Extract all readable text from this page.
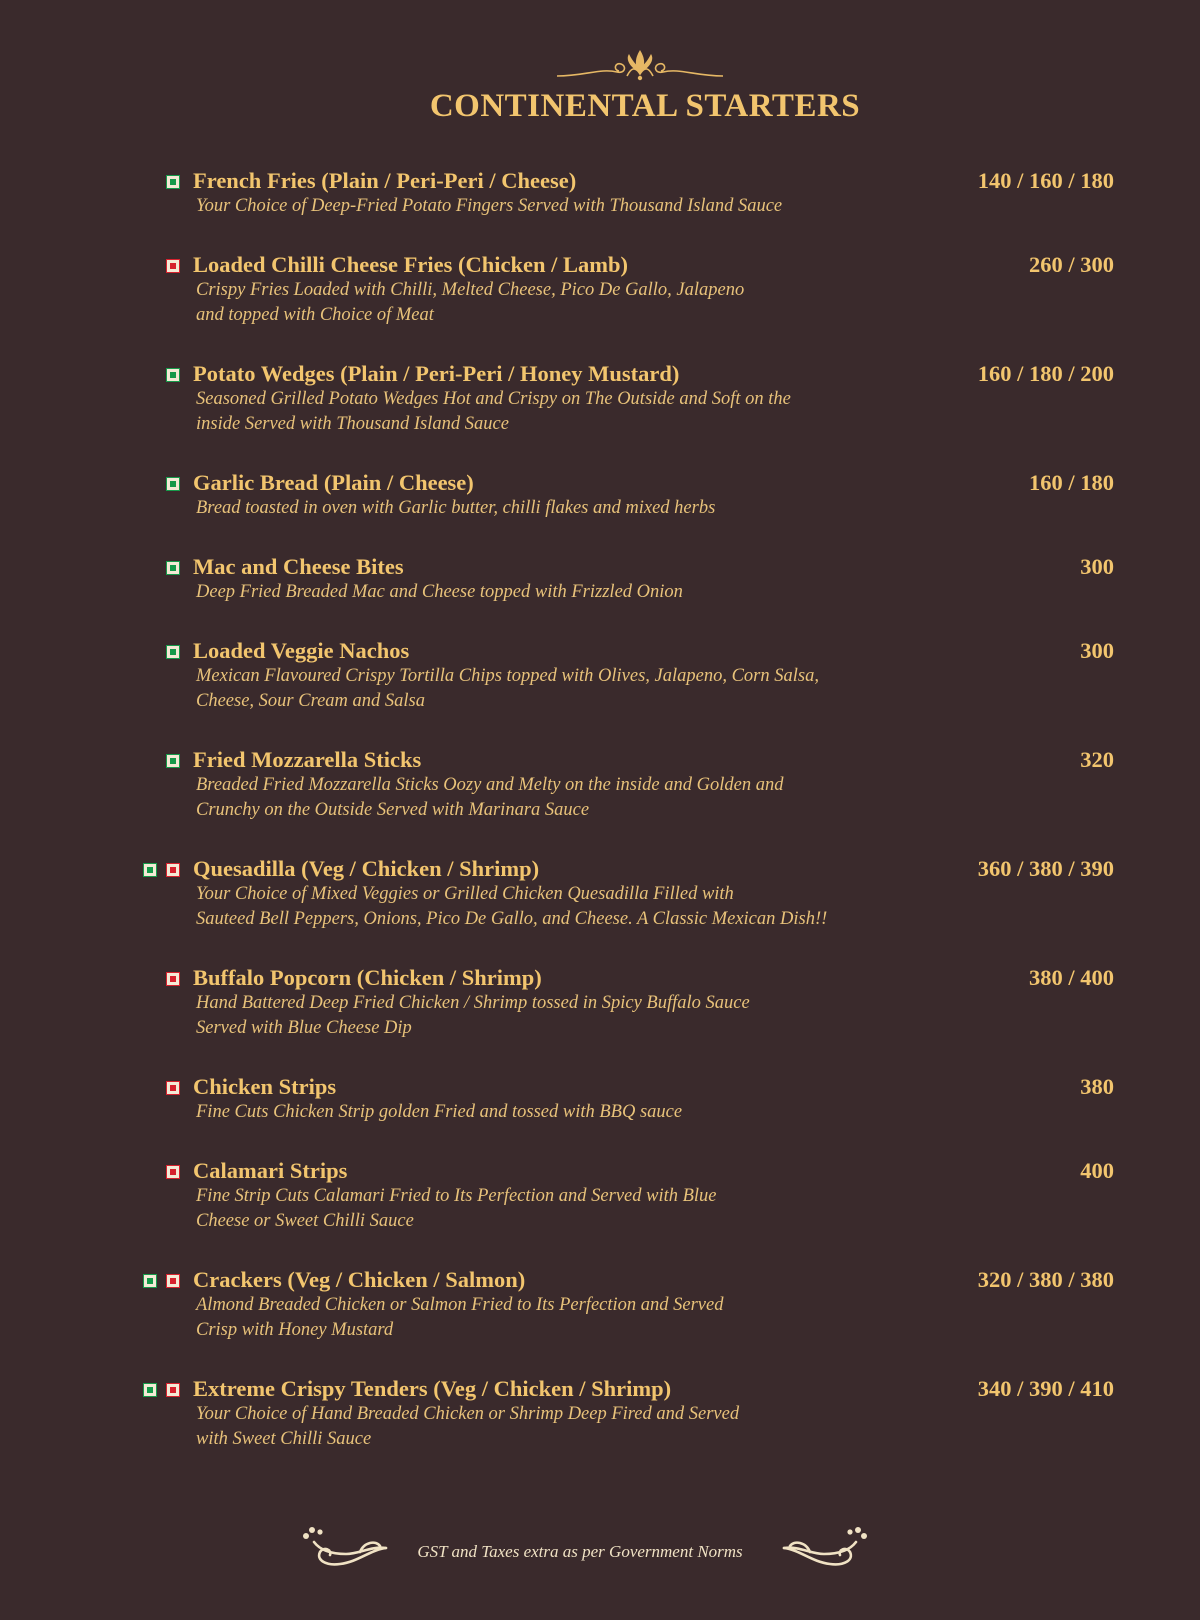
CONTINENTAL STARTERS
French Fries (Plain / Peri-Peri / Cheese)	140 / 160 / 180
Your Choice of Deep-Fried Potato Fingers Served with Thousand Island Sauce
Loaded Chilli Cheese Fries (Chicken / Lamb)	260 / 300
Crispy Fries Loaded with Chilli, Melted Cheese, Pico De Gallo, Jalapeno
and topped with Choice of Meat
Potato Wedges (Plain / Peri-Peri / Honey Mustard)	160 / 180 / 200
Seasoned Grilled Potato Wedges Hot and Crispy on The Outside and Soft on the
inside Served with Thousand Island Sauce
Garlic Bread (Plain / Cheese)	160 / 180
Bread toasted in oven with Garlic butter, chilli flakes and mixed herbs
Mac and Cheese Bites	300
Deep Fried Breaded Mac and Cheese topped with Frizzled Onion
Loaded Veggie Nachos	300
Mexican Flavoured Crispy Tortilla Chips topped with Olives, Jalapeno, Corn Salsa,
Cheese, Sour Cream and Salsa
Fried Mozzarella Sticks	320
Breaded Fried Mozzarella Sticks Oozy and Melty on the inside and Golden and
Crunchy on the Outside Served with Marinara Sauce
Quesadilla (Veg / Chicken / Shrimp)	360 / 380 / 390
Your Choice of Mixed Veggies or Grilled Chicken Quesadilla Filled with
Sauteed Bell Peppers, Onions, Pico De Gallo, and Cheese. A Classic Mexican Dish!!
Buffalo Popcorn (Chicken / Shrimp)	380 / 400
Hand Battered Deep Fried Chicken / Shrimp tossed in Spicy Buffalo Sauce
Served with Blue Cheese Dip
Chicken Strips	380
Fine Cuts Chicken Strip golden Fried and tossed with BBQ sauce
Calamari Strips	400
Fine Strip Cuts Calamari Fried to Its Perfection and Served with Blue
Cheese or Sweet Chilli Sauce
Crackers (Veg / Chicken / Salmon)	320 / 380 / 380
Almond Breaded Chicken or Salmon Fried to Its Perfection and Served
Crisp with Honey Mustard
Extreme Crispy Tenders (Veg / Chicken / Shrimp)	340 / 390 / 410
Your Choice of Hand Breaded Chicken or Shrimp Deep Fired and Served
with Sweet Chilli Sauce
GST and Taxes extra as per Government Norms
